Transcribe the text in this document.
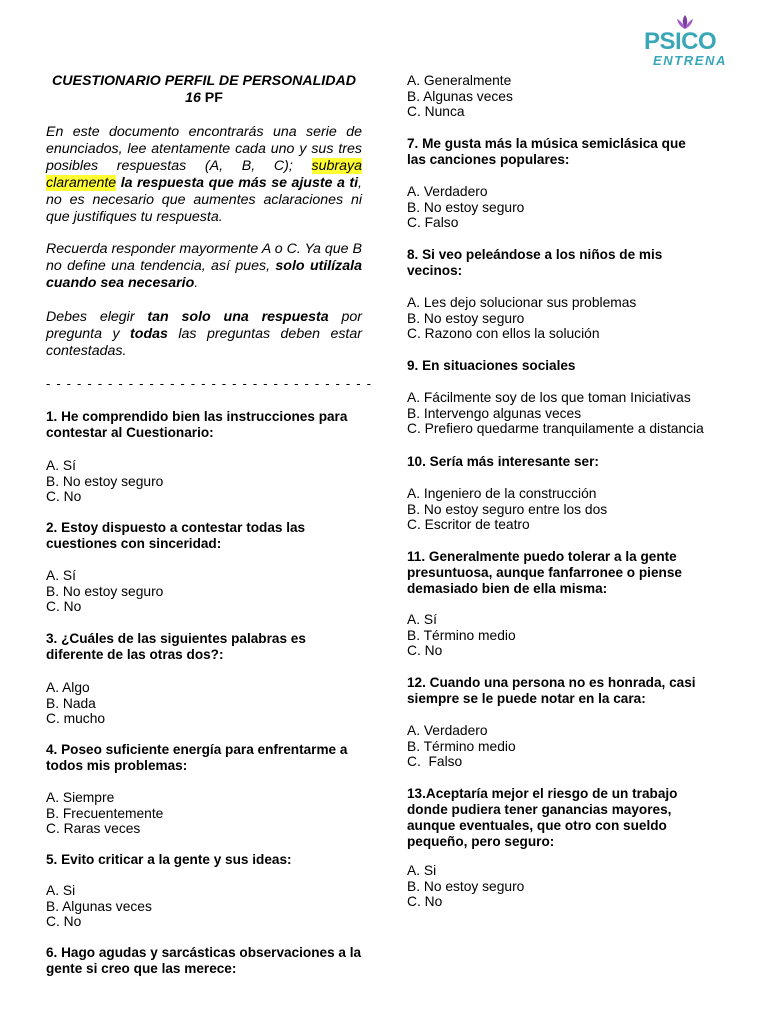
PSICO
ENTRENA
CUESTIONARIO PERFIL DE PERSONALIDAD 16 PF

En este documento encontrarás una serie de enunciados, lee atentamente cada uno y sus tres posibles respuestas (A, B, C); subraya claramente la respuesta que más se ajuste a ti, no es necesario que aumentes aclaraciones ni que justifiques tu respuesta.

Recuerda responder mayormente A o C. Ya que B no define una tendencia, así pues, solo utilízala cuando sea necesario.

Debes elegir tan solo una respuesta por pregunta y todas las preguntas deben estar contestadas.

- - - - - - - - - - - - - - - - - - - - - - - - - - - - - - - -

1. He comprendido bien las instrucciones para contestar al Cuestionario:

A. Sí
B. No estoy seguro
C. No

2. Estoy dispuesto a contestar todas las cuestiones con sinceridad:

A. Sí
B. No estoy seguro
C. No

3. ¿Cuáles de las siguientes palabras es diferente de las otras dos?:

A. Algo
B. Nada
C. mucho

4. Poseo suficiente energía para enfrentarme a todos mis problemas:

A. Siempre
B. Frecuentemente
C. Raras veces

5. Evito criticar a la gente y sus ideas:

A. Si
B. Algunas veces
C. No

6. Hago agudas y sarcásticas observaciones a la gente si creo que las merece:

A. Generalmente
B. Algunas veces
C. Nunca

7. Me gusta más la música semiclásica que las canciones populares:

A. Verdadero
B. No estoy seguro
C. Falso

8. Si veo peleándose a los niños de mis vecinos:

A. Les dejo solucionar sus problemas
B. No estoy seguro
C. Razono con ellos la solución

9. En situaciones sociales

A. Fácilmente soy de los que toman Iniciativas
B. Intervengo algunas veces
C. Prefiero quedarme tranquilamente a distancia

10. Sería más interesante ser:

A. Ingeniero de la construcción
B. No estoy seguro entre los dos
C. Escritor de teatro

11. Generalmente puedo tolerar a la gente presuntuosa, aunque fanfarronee o piense demasiado bien de ella misma:

A. Sí
B. Término medio
C. No

12. Cuando una persona no es honrada, casi siempre se le puede notar en la cara:

A. Verdadero
B. Término medio
C.  Falso

13.Aceptaría mejor el riesgo de un trabajo donde pudiera tener ganancias mayores, aunque eventuales, que otro con sueldo pequeño, pero seguro:

A. Si
B. No estoy seguro
C. No
